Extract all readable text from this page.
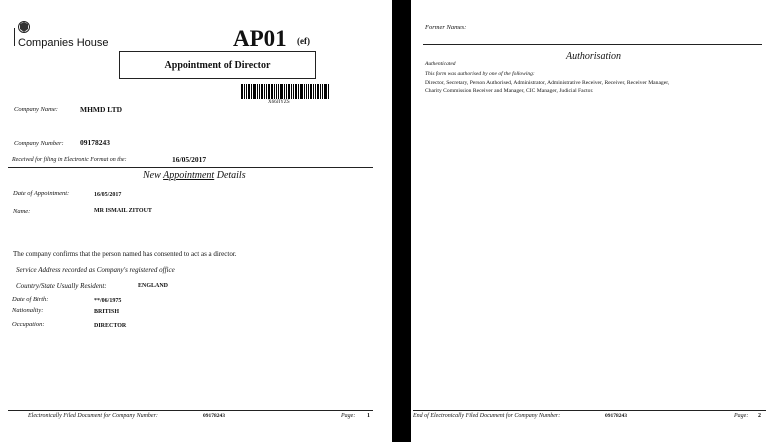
Companies House	AP01 (ef)
Appointment of Director
X66JIYZS
Company Name:	MHMD LTD
Company Number: 09178243
Received for filing in Electronic Format on the:	16/05/2017
New Appointment Details
Date of Appointment:	16/05/2017
Name:	MR ISMAIL ZITOUT
The company confirms that the person named has consented to act as a director.
Service Address recorded as Company's registered office
Country/State Usually Resident:	ENGLAND
Date of Birth:	**/06/1975
Nationality:	BRITISH
Occupation:	DIRECTOR
Electronically Filed Document for Company Number:	09178243	Page: 1
Former Names:
Authorisation
Authenticated
This form was authorised by one of the following:
Director, Secretary, Person Authorised, Administrator, Administrative Receiver, Receiver, Receiver Manager,
Charity Commission Receiver and Manager, CIC Manager, Judicial Factor.
End of Electronically Filed Document for Company Number:	09178243	Page: 2
